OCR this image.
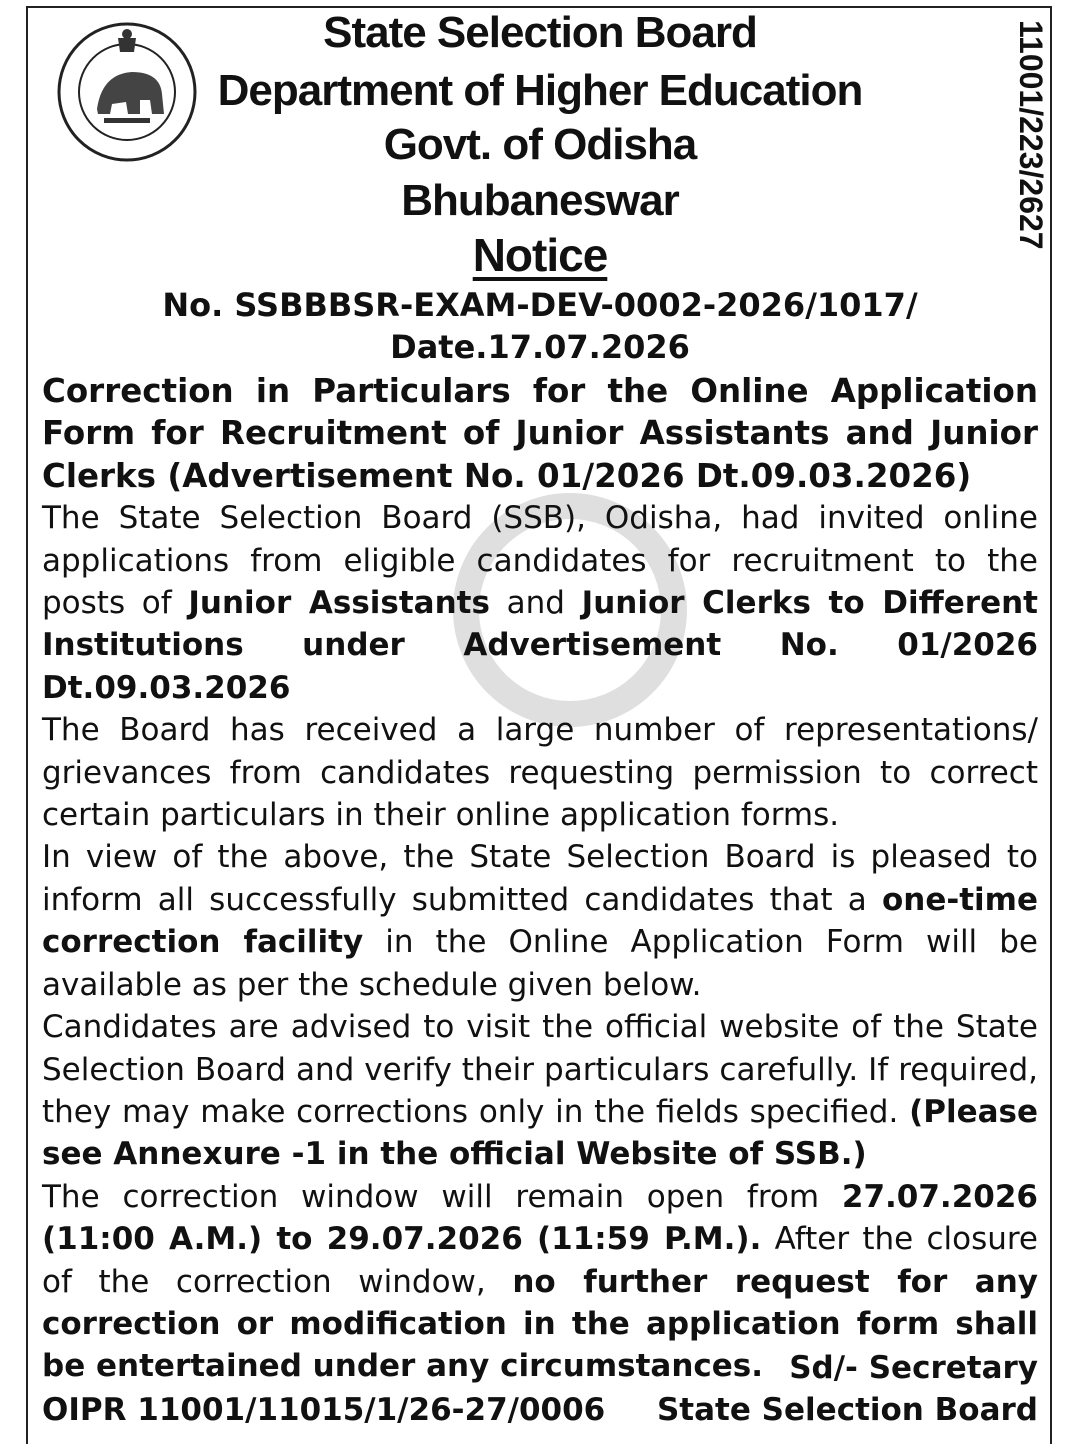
11001/223/2627
State Selection Board
Department of Higher Education
Govt. of Odisha
Bhubaneswar
Notice
No. SSBBBSR-EXAM-DEV-0002-2026/1017/
Date.17.07.2026

Correction in Particulars for the Online Application Form for Recruitment of Junior Assistants and Junior Clerks (Advertisement No. 01/2026 Dt.09.03.2026)

The State Selection Board (SSB), Odisha, had invited online applications from eligible candidates for recruitment to the posts of Junior Assistants and Junior Clerks to Different Institutions under Advertisement No. 01/2026 Dt.09.03.2026

The Board has received a large number of representations/ grievances from candidates requesting permission to correct certain particulars in their online application forms.

In view of the above, the State Selection Board is pleased to inform all successfully submitted candidates that a one-time correction facility in the Online Application Form will be available as per the schedule given below.

Candidates are advised to visit the official website of the State Selection Board and verify their particulars carefully. If required, they may make corrections only in the fields specified. (Please see Annexure -1 in the official Website of SSB.)

The correction window will remain open from 27.07.2026 (11:00 A.M.) to 29.07.2026 (11:59 P.M.). After the closure of the correction window, no further request for any correction or modification in the application form shall be entertained under any circumstances. Sd/- Secretary
OIPR 11001/11015/1/26-27/0006 State Selection Board
